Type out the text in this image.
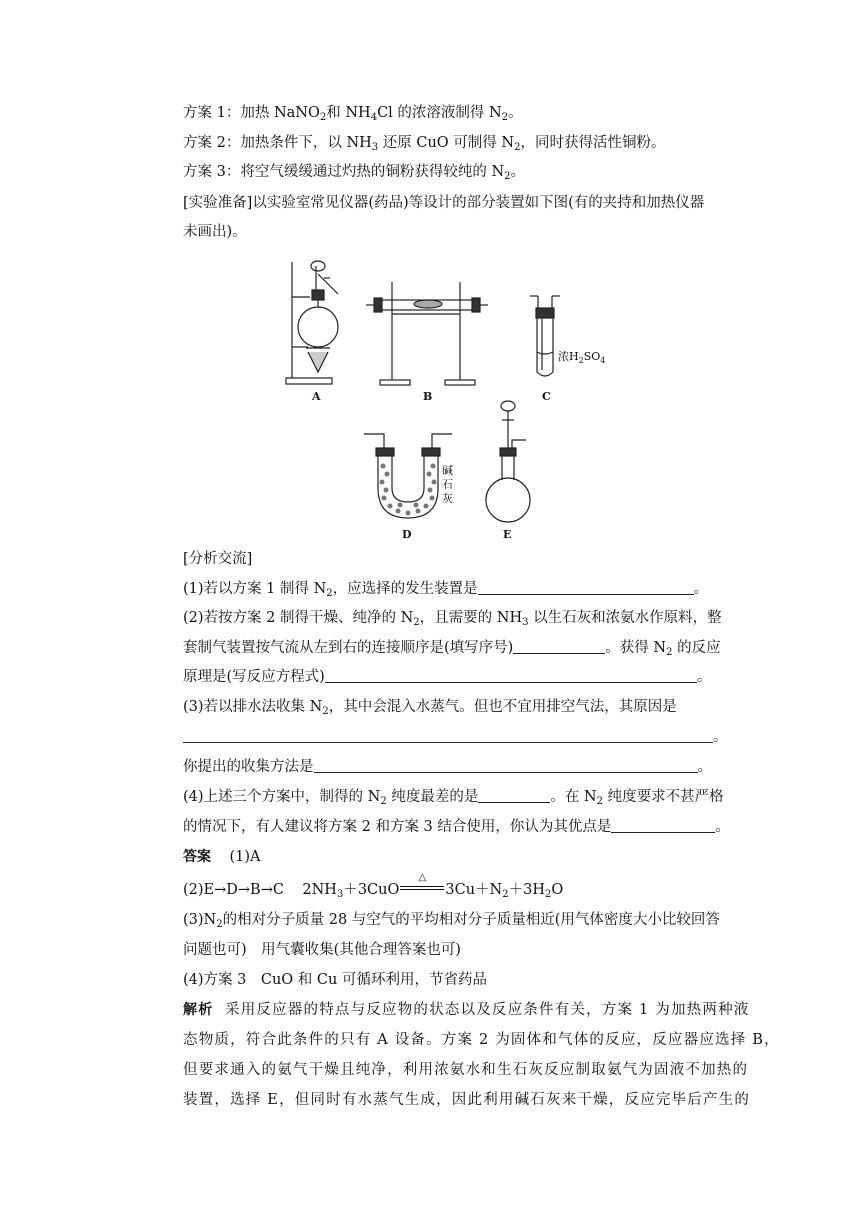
方案 1：加热 NaNO$_2$和 $NH_4Cl$ 的浓溶液制得 $N_2$。
方案 2：加热条件下，以 $NH_3$ 还原 CuO 可制得 $N_2$，同时获得活性铜粉。
方案 3：将空气缓缓通过灼热的铜粉获得较纯的 $N_2$。
[实验准备]以实验室常见仪器(药品)等设计的部分装置如下图(有的夹持和加热仪器
未画出)。
浓$H_2SO_4$
碱
石
灰
A	B	C
D	E
[分析交流]
(1)若以方案 1 制得 $N_2$，应选择的发生装置是	。
(2)若按方案 2 制得干燥、纯净的 $N_2$，且需要的 $NH_3$ 以生石灰和浓氨水作原料，整
套制气装置按气流从左到右的连接顺序是(填写序号)	。获得 $N_2$ 的反应
原理是(写反应方程式)	。
(3)若以排水法收集 $N_2$，其中会混入水蒸气。但也不宜用排空气法，其原因是
。
你提出的收集方法是	。
(4)上述三个方案中，制得的 $N_2$ 纯度最差的是	。在 $N_2$ 纯度要求不甚严格
的情况下，有人建议将方案 2 和方案 3 结合使用，你认为其优点是	。
答案 (1)A
(2)E→D→B→C $2NH_3+3CuO$
△
$3Cu+N_2+3H_2O$
$(3)N_2$的相对分子质量 28 与空气的平均相对分子质量相近(用气体密度大小比较回答
问题也可)　用气囊收集(其他合理答案也可)
(4)方案 3　CuO 和 Cu 可循环利用，节省药品
解析 采用反应器的特点与反应物的状态以及反应条件有关，方案 1 为加热两种液
态物质，符合此条件的只有 A 设备。方案 2 为固体和气体的反应，反应器应选择 B，
但要求通入的氨气干燥且纯净，利用浓氨水和生石灰反应制取氨气为固液不加热的
装置，选择 E，但同时有水蒸气生成，因此利用碱石灰来干燥，反应完毕后产生的
